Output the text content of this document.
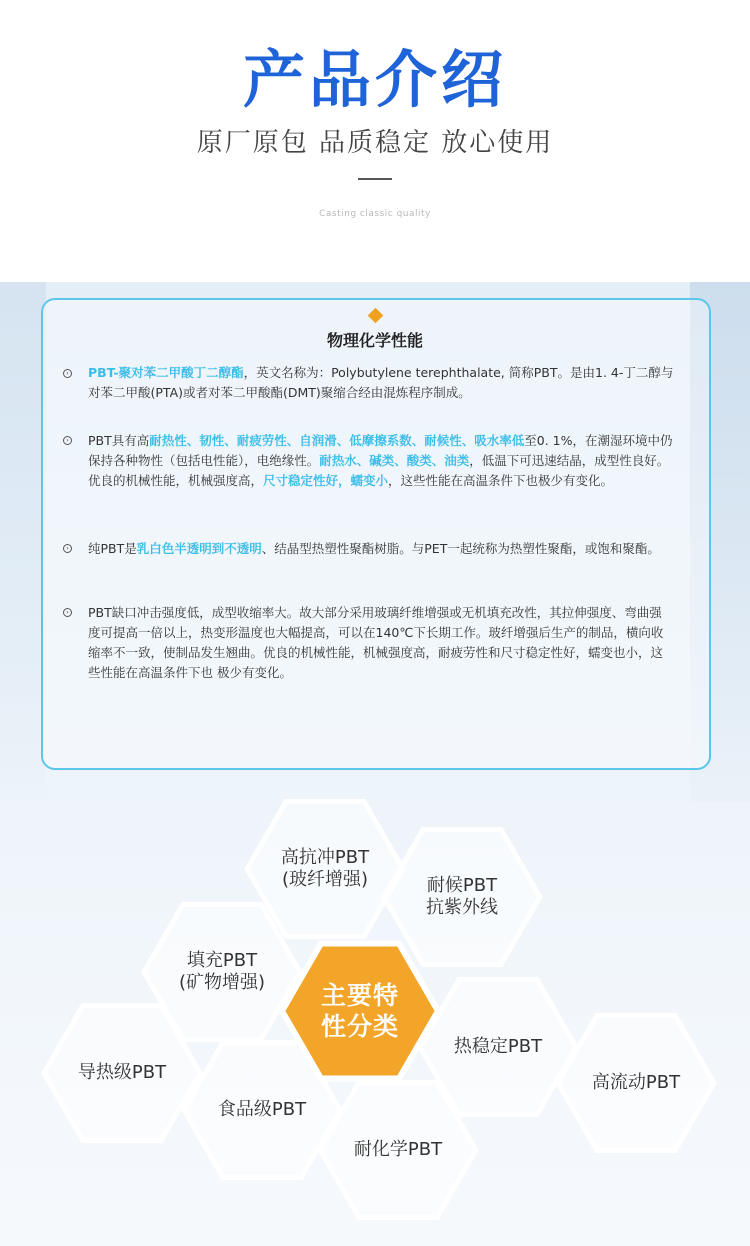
产品介绍
原厂原包 品质稳定 放心使用
Casting classic quality
物理化学性能
› PBT-聚对苯二甲酸丁二醇酯，英文名称为：Polybutylene terephthalate, 简称PBT。是由1. 4-丁二醇与对苯二甲酸(PTA)或者对苯二甲酸酯(DMT)聚缩合经由混炼程序制成。
› PBT具有高耐热性、韧性、耐疲劳性、自润滑、低摩擦系数、耐候性、吸水率低至0. 1%，在潮湿环境中仍保持各种物性（包括电性能），电绝缘性。耐热水、碱类、酸类、油类，低温下可迅速结晶，成型性良好。优良的机械性能，机械强度高，尺寸稳定性好，蠕变小，这些性能在高温条件下也极少有变化。
› 纯PBT是乳白色半透明到不透明、结晶型热塑性聚酯树脂。与PET一起统称为热塑性聚酯，或饱和聚酯。
› PBT缺口冲击强度低，成型收缩率大。故大部分采用玻璃纤维增强或无机填充改性，其拉伸强度、弯曲强度可提高一倍以上，热变形温度也大幅提高，可以在140℃下长期工作。玻纤增强后生产的制品，横向收缩率不一致，使制品发生翘曲。优良的机械性能，机械强度高，耐疲劳性和尺寸稳定性好，蠕变也小，这些性能在高温条件下也 极少有变化。
主要特
性分类
高抗冲PBT
(玻纤增强)	耐候PBT
抗紫外线
填充PBT
(矿物增强)
热稳定PBT
导热级PBT
食品级PBT
耐化学PBT
高流动PBT
